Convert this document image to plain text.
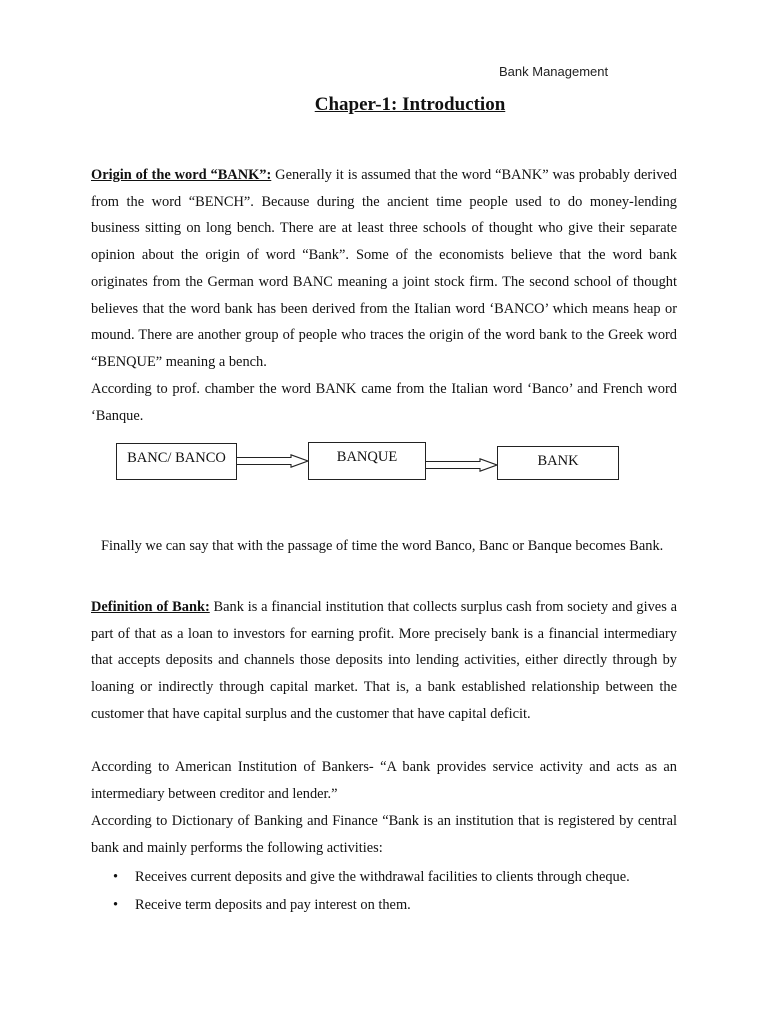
Bank Management

Chaper-1: Introduction

Origin of the word “BANK”: Generally it is assumed that the word “BANK” was probably derived from the word “BENCH”. Because during the ancient time people used to do money-lending business sitting on long bench. There are at least three schools of thought who give their separate opinion about the origin of word “Bank”. Some of the economists believe that the word bank originates from the German word BANC meaning a joint stock firm. The second school of thought believes that the word bank has been derived from the Italian word ‘BANCO’ which means heap or mound. There are another group of people who traces the origin of the word bank to the Greek word “BENQUE” meaning a bench.

According to prof. chamber the word BANK came from the Italian word ‘Banco’ and French word ‘Banque.

BANC/ BANCO	BANQUE	BANK

Finally we can say that with the passage of time the word Banco, Banc or Banque becomes Bank.

Definition of Bank: Bank is a financial institution that collects surplus cash from society and gives a part of that as a loan to investors for earning profit. More precisely bank is a financial intermediary that accepts deposits and channels those deposits into lending activities, either directly through by loaning or indirectly through capital market. That is, a bank established relationship between the customer that have capital surplus and the customer that have capital deficit.

According to American Institution of Bankers- “A bank provides service activity and acts as an intermediary between creditor and lender.”

According to Dictionary of Banking and Finance “Bank is an institution that is registered by central bank and mainly performs the following activities:

• Receives current deposits and give the withdrawal facilities to clients through cheque.
• Receive term deposits and pay interest on them.
